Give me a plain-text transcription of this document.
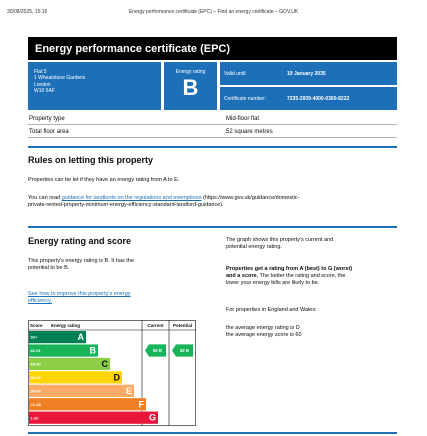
30/08/2025, 15:16	Energy performance certificate (EPC) – Find an energy certificate – GOV.UK
Energy performance certificate (EPC)
Flat 5
1 Wheatstone Gardens
London
W10 5AF
Energy rating
B
Valid until:	19 January 2035
Certificate number:	7235-3939-4000-0360-8222
Property type	Mid-floor flat
Total floor area	52 square metres
Rules on letting this property
Properties can be let if they have an energy rating from A to E.
You can read guidance for landlords on the regulations and exemptions (https://www.gov.uk/guidance/domestic-
private-rented-property-minimum-energy-efficiency-standard-landlord-guidance).
Energy rating and score
This property's energy rating is B. It has the
potential to be B.
See how to improve this property's energy
efficiency.
The graph shows this property's current and
potential energy rating.
Properties get a rating from A (best) to G (worst)
and a score. The better the rating and score, the
lower your energy bills are likely to be.
For properties in England and Wales:
the average energy rating is D
the average energy score is 60
Score Energy rating	Current Potential
92+	A
81-91	B
69-80	C
55-68	D
39-54	E
21-38	F
1-20	G
82 B	82 B
